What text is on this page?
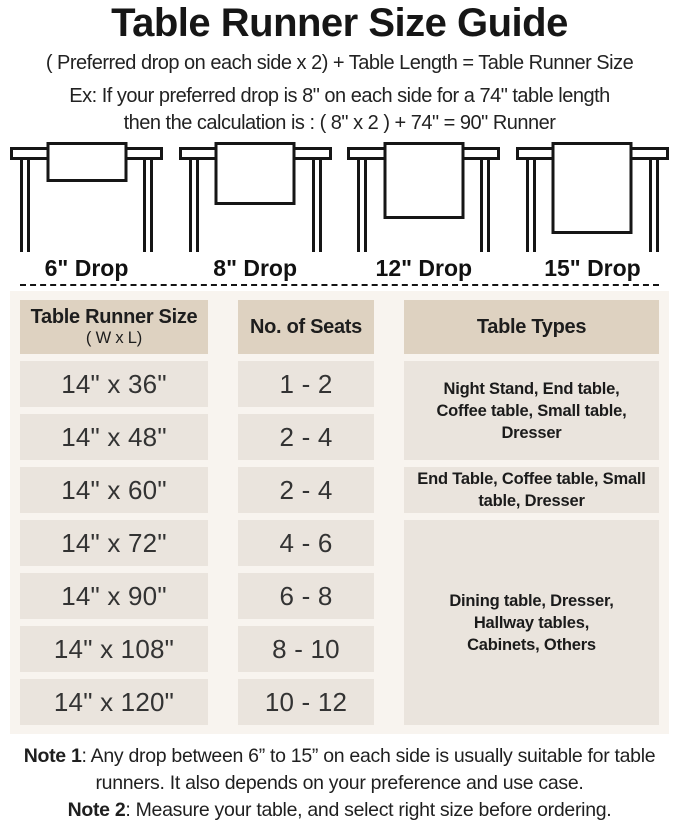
Table Runner Size Guide

( Preferred drop on each side x 2) + Table Length = Table Runner Size

Ex: If your preferred drop is 8" on each side for a 74" table length

then the calculation is : ( 8" x 2 ) + 74" = 90" Runner

6" Drop	8" Drop	12" Drop	15" Drop
Table Runner Size
( W x L)
No. of Seats	Table Types
14" x 36"	1 - 2	Night Stand, End table, Coffee table, Small table, Dresser
14" x 48"	2 - 4
14" x 60"	2 - 4	End Table, Coffee table, Small table, Dresser
14" x 72"	4 - 6
Dining table, Dresser, Hallway tables, Cabinets, Others
14" x 90"	6 - 8
14" x 108"	8 - 10
14" x 120"	10 - 12

Note 1: Any drop between 6” to 15” on each side is usually suitable for table runners. It also depends on your preference and use case.

Note 2: Measure your table, and select right size before ordering.
